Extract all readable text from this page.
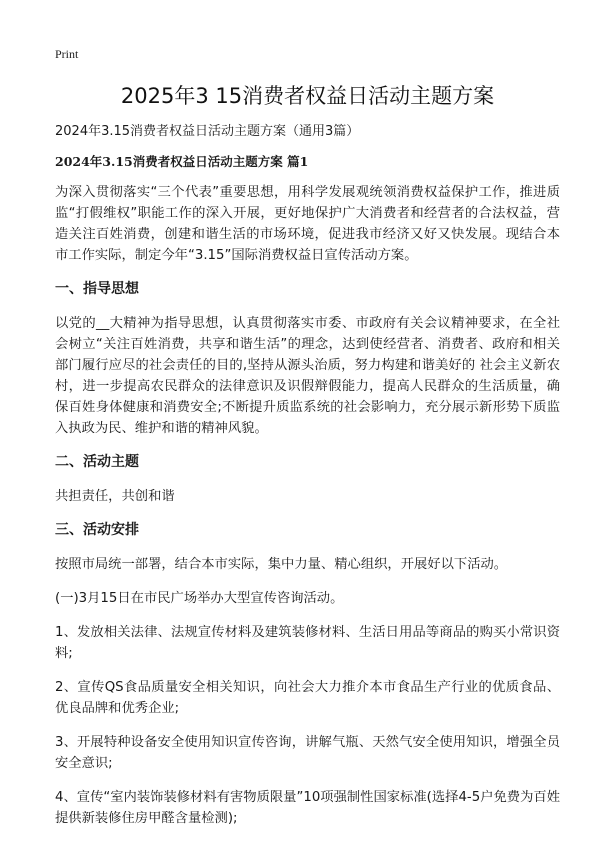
Print
2025年3 15消费者权益日活动主题方案

2024年3.15消费者权益日活动主题方案（通用3篇）

2024年3.15消费者权益日活动主题方案 篇1

为深入贯彻落实“三个代表”重要思想，用科学发展观统领消费权益保护工作，推进质监“打假维权”职能工作的深入开展，更好地保护广大消费者和经营者的合法权益，营造关注百姓消费，创建和谐生活的市场环境，促进我市经济又好又快发展。现结合本市工作实际，制定今年“3.15”国际消费权益日宣传活动方案。

一、指导思想

以党的__大精神为指导思想，认真贯彻落实市委、市政府有关会议精神要求，在全社会树立“关注百姓消费，共享和谐生活”的理念，达到使经营者、消费者、政府和相关部门履行应尽的社会责任的目的,坚持从源头治质，努力构建和谐美好的 社会主义新农村，进一步提高农民群众的法律意识及识假辩假能力，提高人民群众的生活质量，确保百姓身体健康和消费安全;不断提升质监系统的社会影响力，充分展示新形势下质监入执政为民、维护和谐的精神风貌。

二、活动主题

共担责任，共创和谐

三、活动安排

按照市局统一部署，结合本市实际，集中力量、精心组织，开展好以下活动。

(一)3月15日在市民广场举办大型宣传咨询活动。

1、发放相关法律、法规宣传材料及建筑装修材料、生活日用品等商品的购买小常识资料;

2、宣传QS食品质量安全相关知识，向社会大力推介本市食品生产行业的优质食品、优良品牌和优秀企业;

3、开展特种设备安全使用知识宣传咨询，讲解气瓶、天然气安全使用知识，增强全员安全意识;

4、宣传“室内装饰装修材料有害物质限量”10项强制性国家标准(选择4-5户免费为百姓提供新装修住房甲醛含量检测);
